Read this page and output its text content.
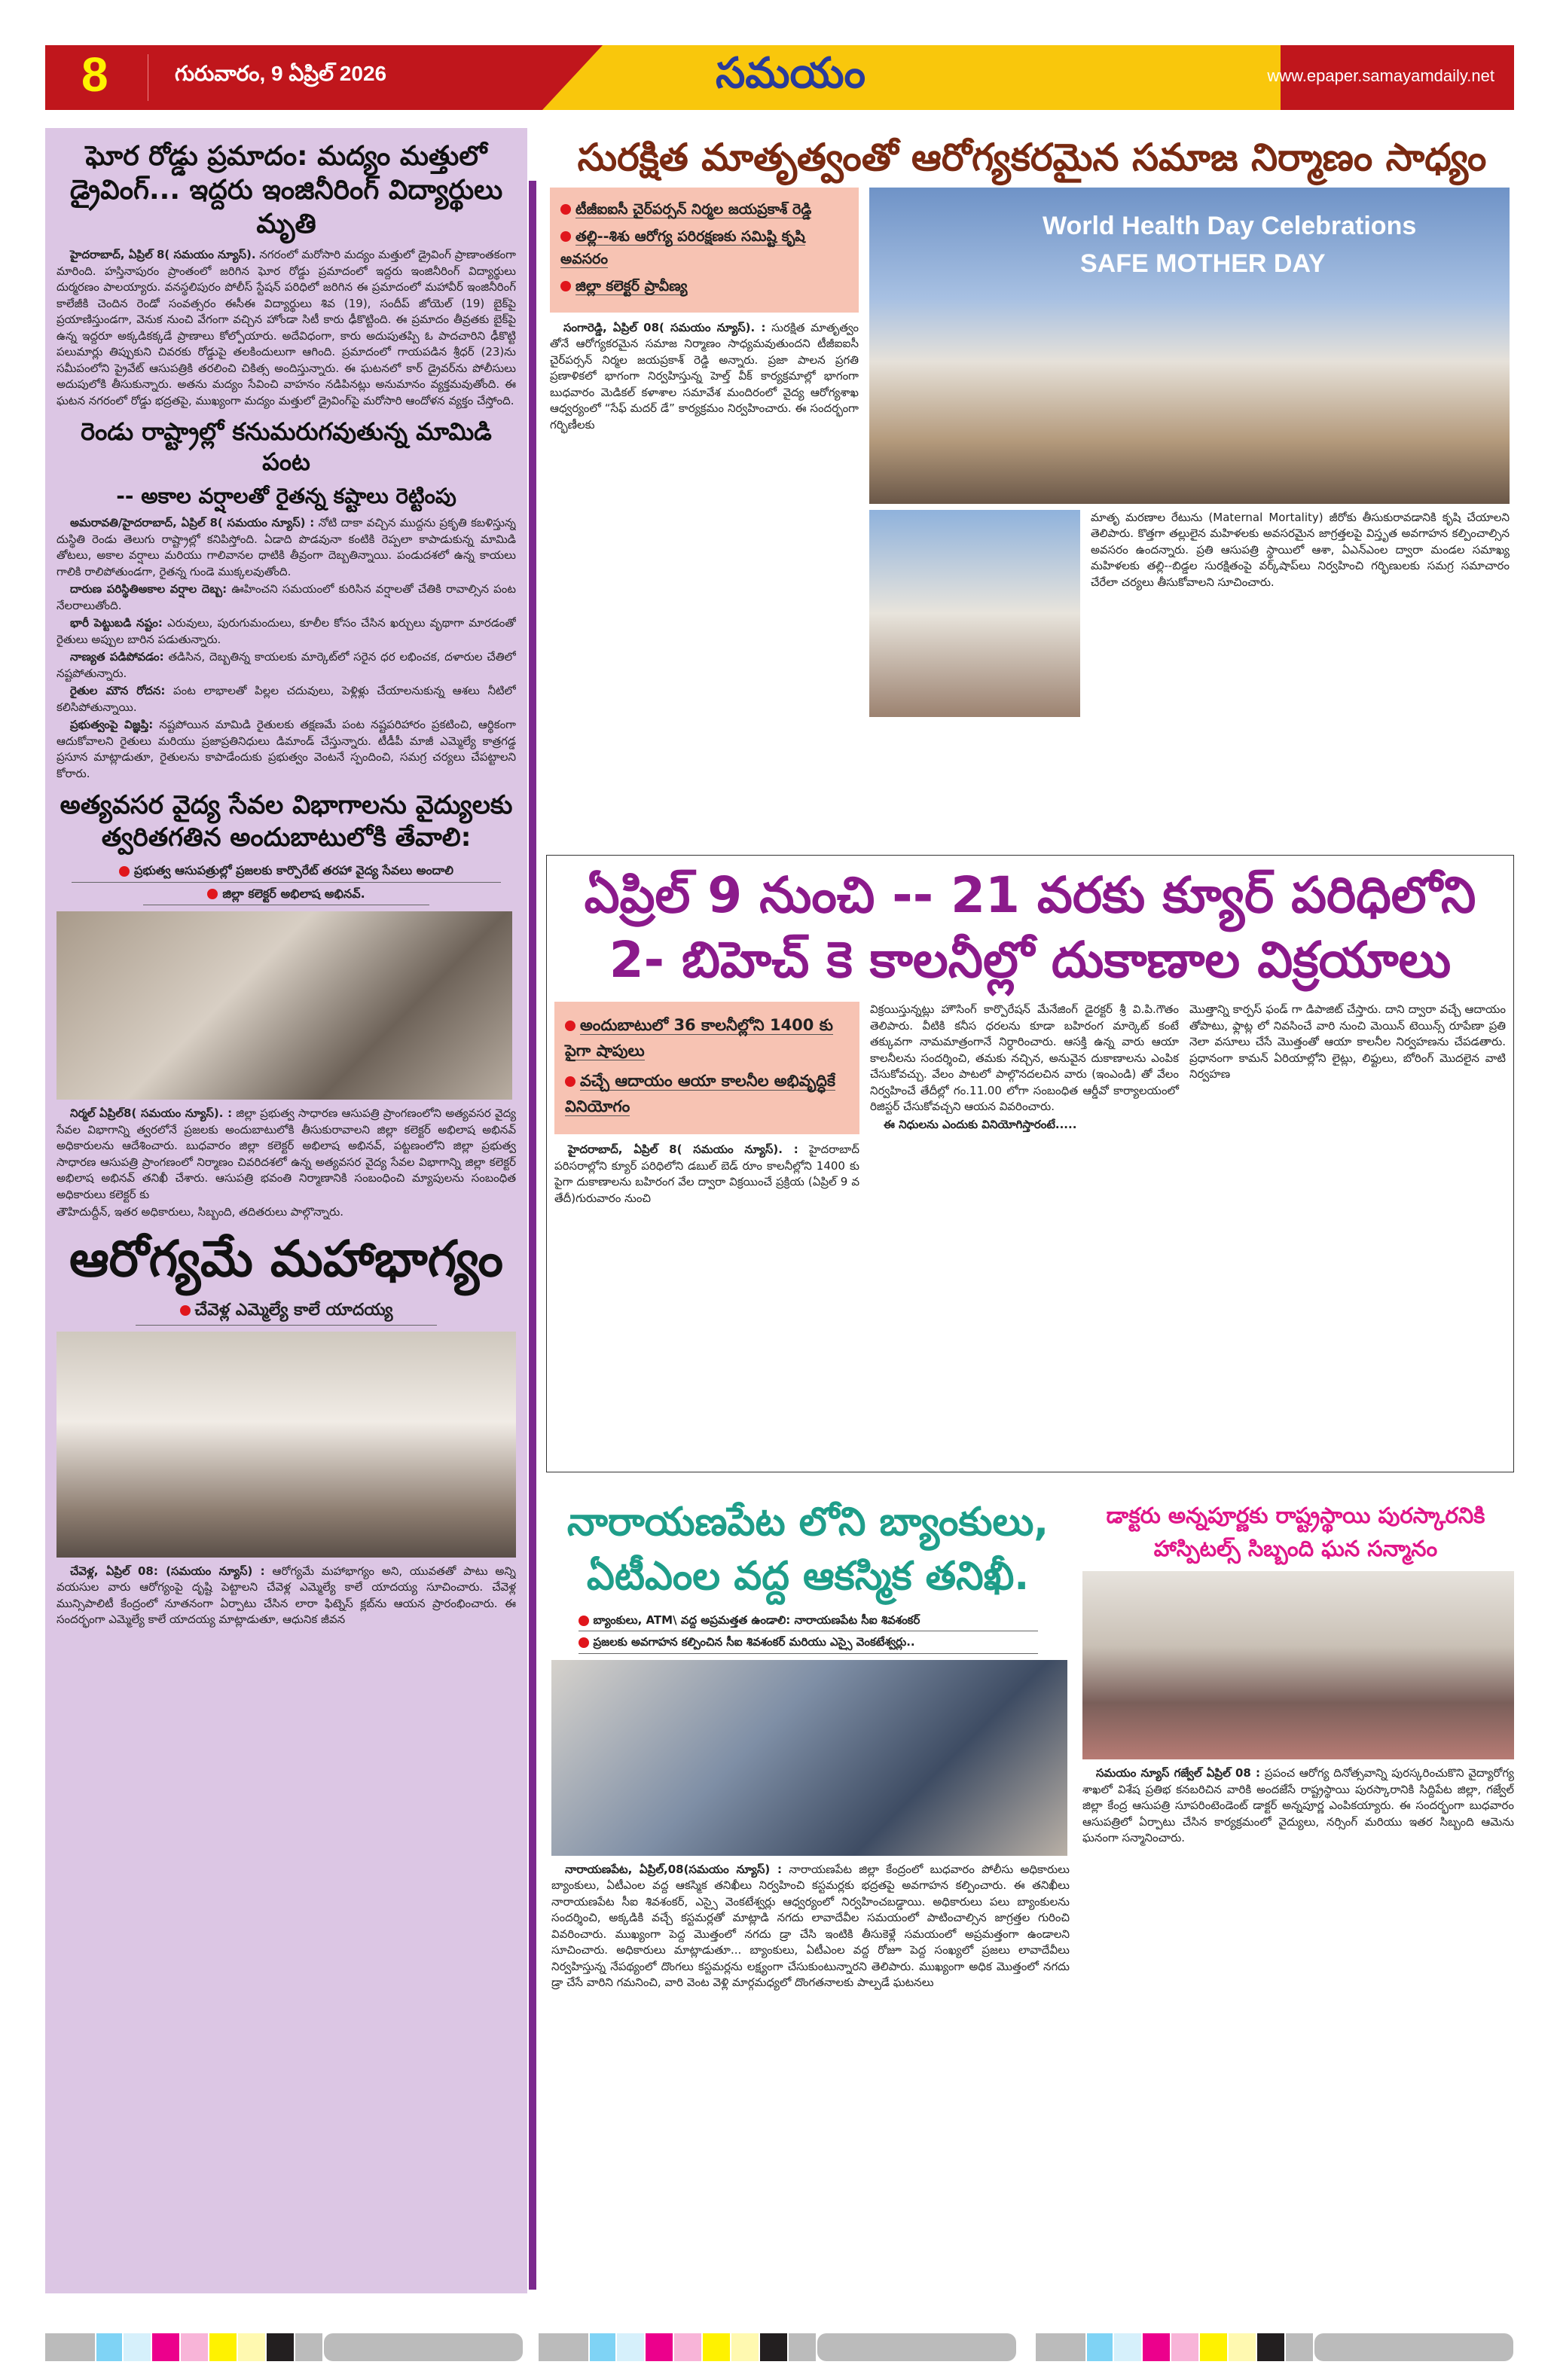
8	గురువారం, 9 ఏప్రిల్ 2026	సమయం	www.epaper.samayamdaily.net
ఘోర రోడ్డు ప్రమాదం: మద్యం మత్తులో డ్రైవింగ్... ఇద్దరు ఇంజినీరింగ్ విద్యార్థులు మృతి

హైదరాబాద్, ఏప్రిల్ 8( సమయం న్యూస్). నగరంలో మరోసారి మద్యం మత్తులో డ్రైవింగ్ ప్రాణాంతకంగా మారింది. హస్తినాపురం ప్రాంతంలో జరిగిన ఘోర రోడ్డు ప్రమాదంలో ఇద్దరు ఇంజినీరింగ్ విద్యార్థులు దుర్మరణం పాలయ్యారు. వనస్థలిపురం పోలీస్ స్టేషన్ పరిధిలో జరిగిన ఈ ప్రమాదంలో మహావీర్ ఇంజినీరింగ్ కాలేజీకి చెందిన రెండో సంవత్సరం ఈసీఈ విద్యార్థులు శివ (19), సందీప్ జోయెల్ (19) బైక్‌పై ప్రయాణిస్తుండగా, వెనుక నుంచి వేగంగా వచ్చిన హోండా సిటీ కారు ఢీకొట్టింది. ఈ ప్రమాదం తీవ్రతకు బైక్‌పై ఉన్న ఇద్దరూ అక్కడికక్కడే ప్రాణాలు కోల్పోయారు. అదేవిధంగా, కారు అదుపుతప్పి ఓ పాదచారిని ఢీకొట్టి పలుమార్లు తిప్పుకుని చివరకు రోడ్డుపై తలకిందులుగా ఆగింది. ప్రమాదంలో గాయపడిన శ్రీధర్ (23)ను సమీపంలోని ప్రైవేట్ ఆసుపత్రికి తరలించి చికిత్స అందిస్తున్నారు. ఈ ఘటనలో కార్ డ్రైవర్‌ను పోలీసులు అదుపులోకి తీసుకున్నారు. అతను మద్యం సేవించి వాహనం నడిపినట్లు అనుమానం వ్యక్తమవుతోంది. ఈ ఘటన నగరంలో రోడ్డు భద్రతపై, ముఖ్యంగా మద్యం మత్తులో డ్రైవింగ్‌పై మరోసారి ఆందోళన వ్యక్తం చేస్తోంది.

రెండు రాష్ట్రాల్లో కనుమరుగవుతున్న మామిడి పంట
-- అకాల వర్షాలతో రైతన్న కష్టాలు రెట్టింపు

అమరావతి/హైదరాబాద్, ఏప్రిల్ 8( సమయం న్యూస్) : నోటి దాకా వచ్చిన ముద్దను ప్రకృతి కబళిస్తున్న దుస్థితి రెండు తెలుగు రాష్ట్రాల్లో కనిపిస్తోంది. ఏడాది పొడవునా కంటికి రెప్పలా కాపాడుకున్న మామిడి తోటలు, అకాల వర్షాలు మరియు గాలివానల ధాటికి తీవ్రంగా దెబ్బతిన్నాయి. పండుదశలో ఉన్న కాయలు గాలికి రాలిపోతుండగా, రైతన్న గుండె ముక్కలవుతోంది.

దారుణ పరిస్థితిఅకాల వర్షాల దెబ్బ: ఊహించని సమయంలో కురిసిన వర్షాలతో చేతికి రావాల్సిన పంట నేలరాలుతోంది.

భారీ పెట్టుబడి నష్టం: ఎరువులు, పురుగుమందులు, కూలీల కోసం చేసిన ఖర్చులు వృథాగా మారడంతో రైతులు అప్పుల బారిన పడుతున్నారు.

నాణ్యత పడిపోవడం: తడిసిన, దెబ్బతిన్న కాయలకు మార్కెట్‌లో సరైన ధర లభించక, దళారుల చేతిలో నష్టపోతున్నారు.

రైతుల మౌన రోదన: పంట లాభాలతో పిల్లల చదువులు, పెళ్లిళ్లు చేయాలనుకున్న ఆశలు నీటిలో కలిసిపోతున్నాయి.

ప్రభుత్వంపై విజ్ఞప్తి: నష్టపోయిన మామిడి రైతులకు తక్షణమే పంట నష్టపరిహారం ప్రకటించి, ఆర్థికంగా ఆదుకోవాలని రైతులు మరియు ప్రజాప్రతినిధులు డిమాండ్ చేస్తున్నారు. టీడీపీ మాజీ ఎమ్మెల్యే కాత్రగడ్డ ప్రసూన మాట్లాడుతూ, రైతులను కాపాడేందుకు ప్రభుత్వం వెంటనే స్పందించి, సమగ్ర చర్యలు చేపట్టాలని కోరారు.

అత్యవసర వైద్య సేవల విభాగాలను వైద్యులకు త్వరితగతిన అందుబాటులోకి తేవాలి:
ప్రభుత్వ ఆసుపత్రుల్లో ప్రజలకు కార్పొరేట్ తరహా వైద్య సేవలు అందాలి
జిల్లా కలెక్టర్ అభిలాష అభినవ్.

నిర్మల్ ఏప్రిల్8( సమయం న్యూస్). : జిల్లా ప్రభుత్వ సాధారణ ఆసుపత్రి ప్రాంగణంలోని అత్యవసర వైద్య సేవల విభాగాన్ని త్వరలోనే ప్రజలకు అందుబాటులోకి తీసుకురావాలని జిల్లా కలెక్టర్ అభిలాష అభినవ్ అధికారులను ఆదేశించారు. బుధవారం జిల్లా కలెక్టర్ అభిలాష అభినవ్, పట్టణంలోని జిల్లా ప్రభుత్వ సాధారణ ఆసుపత్రి ప్రాంగణంలో నిర్మాణం చివరిదశలో ఉన్న అత్యవసర వైద్య సేవల విభాగాన్ని జిల్లా కలెక్టర్ అభిలాష అభినవ్ తనిఖీ చేశారు. ఆసుపత్రి భవంతి నిర్మాణానికి సంబంధించి మ్యాపులను సంబంధిత అధికారులు కలెక్టర్ కు

తౌహిదుద్దీన్, ఇతర అధికారులు, సిబ్బంది, తదితరులు పాల్గొన్నారు.

ఆరోగ్యమే మహాభాగ్యం
చేవెళ్ల ఎమ్మెల్యే కాలే యాదయ్య

చేవెళ్ల, ఏప్రిల్ 08: (సమయం న్యూస్) : ఆరోగ్యమే మహాభాగ్యం అని, యువతతో పాటు అన్ని వయసుల వారు ఆరోగ్యంపై దృష్టి పెట్టాలని చేవెళ్ల ఎమ్మెల్యే కాలే యాదయ్య సూచించారు. చేవెళ్ల మున్సిపాలిటీ కేంద్రంలో నూతనంగా ఏర్పాటు చేసిన లారా ఫిట్నెస్ క్లబ్‌ను ఆయన ప్రారంభించారు. ఈ సందర్భంగా ఎమ్మెల్యే కాలే యాదయ్య మాట్లాడుతూ, ఆధునిక జీవన

సురక్షిత మాతృత్వంతో ఆరోగ్యకరమైన సమాజ నిర్మాణం సాధ్యం
టీజీఐఐసీ చైర్‌పర్సన్ నిర్మల జయప్రకాశ్ రెడ్డి
తల్లి--శిశు ఆరోగ్య పరిరక్షణకు సమిష్టి కృషి అవసరం
జిల్లా కలెక్టర్ ప్రావీణ్య

సంగారెడ్డి, ఏప్రిల్ 08( సమయం న్యూస్). : సురక్షిత మాతృత్వం తోనే ఆరోగ్యకరమైన సమాజ నిర్మాణం సాధ్యమవుతుందని టీజీఐఐసీ చైర్‌పర్సన్ నిర్మల జయప్రకాశ్ రెడ్డి అన్నారు. ప్రజా పాలన ప్రగతి ప్రణాళికలో భాగంగా నిర్వహిస్తున్న హెల్త్ వీక్ కార్యక్రమాల్లో భాగంగా బుధవారం మెడికల్ కళాశాల సమావేశ మందిరంలో వైద్య ఆరోగ్యశాఖ ఆధ్వర్యంలో “సేఫ్ మదర్ డే” కార్యక్రమం నిర్వహించారు. ఈ సందర్భంగా గర్భిణీలకు

World Health Day Celebrations
SAFE MOTHER DAY
మాతృ మరణాల రేటును (Maternal Mortality) జీరోకు తీసుకురావడానికి కృషి చేయాలని తెలిపారు. కొత్తగా తల్లులైన మహిళలకు అవసరమైన జాగ్రత్తలపై విస్తృత అవగాహన కల్పించాల్సిన అవసరం ఉందన్నారు. ప్రతి ఆసుపత్రి స్థాయిలో ఆశా, ఏఎన్ఎంల ద్వారా మండల సమాఖ్య మహిళలకు తల్లి--బిడ్డల సురక్షితంపై వర్క్‌షాప్‌లు నిర్వహించి గర్భిణులకు సమగ్ర సమాచారం చేరేలా చర్యలు తీసుకోవాలని సూచించారు.
ఏప్రిల్ 9 నుంచి -- 21 వరకు క్యూర్ పరిధిలోని 2- బిహెచ్ కె కాలనీల్లో దుకాణాల విక్రయాలు
అందుబాటులో 36 కాలనీల్లోని 1400 కు పైగా షాపులు
వచ్చే ఆదాయం ఆయా కాలనీల అభివృద్ధికే వినియోగం

హైదరాబాద్, ఏప్రిల్ 8( సమయం న్యూస్). : హైదరాబాద్ పరిసరాల్లోని క్యూర్ పరిధిలోని డబుల్ బెడ్ రూం కాలనీల్లోని 1400 కు పైగా దుకాణాలను బహిరంగ వేల ద్వారా విక్రయించే ప్రక్రియ (ఏప్రిల్ 9 వ తేదీ)గురువారం నుంచి

విక్రయిస్తున్నట్లు హౌసింగ్ కార్పొరేషన్ మేనేజింగ్ డైరక్టర్ శ్రీ వి.పి.గౌతం తెలిపారు. వీటికి కనీస ధరలను కూడా బహిరంగ మార్కెట్ కంటే తక్కువగా నామమాత్రంగానే నిర్ధారించారు. ఆసక్తి ఉన్న వారు ఆయా కాలనీలను సందర్శించి, తమకు నచ్చిన, అనువైన దుకాణాలను ఎంపిక చేసుకోవచ్చు. వేలం పాటలో పాల్గొనదలచిన వారు (ఇంఎండి) తో వేలం నిర్వహించే తేదీల్లో గం.11.00 లోగా సంబంధిత ఆర్డీవో కార్యాలయంలో రిజిస్టర్ చేసుకోవచ్చని ఆయన వివరించారు.

ఈ నిధులను ఎందుకు వినియోగిస్తారంటే.....

మొత్తాన్ని కార్పస్ ఫండ్ గా డిపాజిట్ చేస్తారు. దాని ద్వారా వచ్చే ఆదాయం తోపాటు, ఫ్లాట్ల లో నివసించే వారి నుంచి మెయిన్ టెయిన్స్ రూపేణా ప్రతి నెలా వసూలు చేసే మొత్తంతో ఆయా కాలనీల నిర్వహణను చేపడతారు. ప్రధానంగా కామన్ ఏరియాల్లోని లైట్లు, లిఫ్టులు, బోరింగ్ మొదలైన వాటి నిర్వహణ
నారాయణపేట లోని బ్యాంకులు, ఏటీఎంల వద్ద ఆకస్మిక తనిఖీ.
బ్యాంకులు, ATM\ వద్ద అప్రమత్తత ఉండాలి: నారాయణపేట సీఐ శివశంకర్
ప్రజలకు అవగాహన కల్పించిన సీఐ శివశంకర్ మరియు ఎస్సై వెంకటేశ్వర్లు..

నారాయణపేట, ఏప్రిల్,08(సమయం న్యూస్) : నారాయణపేట జిల్లా కేంద్రంలో బుధవారం పోలీసు అధికారులు బ్యాంకులు, ఏటీఎంల వద్ద ఆకస్మిక తనిఖీలు నిర్వహించి కస్టమర్లకు భద్రతపై అవగాహన కల్పించారు. ఈ తనిఖీలు నారాయణపేట సీఐ శివశంకర్, ఎస్సై వెంకటేశ్వర్లు ఆధ్వర్యంలో నిర్వహించబడ్డాయి. అధికారులు పలు బ్యాంకులను సందర్శించి, అక్కడికి వచ్చే కస్టమర్లతో మాట్లాడి నగదు లావాదేవీల సమయంలో పాటించాల్సిన జాగ్రత్తల గురించి వివరించారు. ముఖ్యంగా పెద్ద మొత్తంలో నగదు డ్రా చేసి ఇంటికి తీసుకెళ్లే సమయంలో అప్రమత్తంగా ఉండాలని సూచించారు. అధికారులు మాట్లాడుతూ... బ్యాంకులు, ఏటీఎంల వద్ద రోజూ పెద్ద సంఖ్యలో ప్రజలు లావాదేవీలు నిర్వహిస్తున్న నేపథ్యంలో దొంగలు కస్టమర్లను లక్ష్యంగా చేసుకుంటున్నారని తెలిపారు. ముఖ్యంగా అధిక మొత్తంలో నగదు డ్రా చేసే వారిని గమనించి, వారి వెంట వెళ్లి మార్గమధ్యలో దొంగతనాలకు పాల్పడే ఘటనలు

డాక్టరు అన్నపూర్ణకు రాష్ట్రస్థాయి పురస్కారనికి హాస్పిటల్స్ సిబ్బంది ఘన సన్మానం

సమయం న్యూస్ గజ్వేల్ ఏప్రిల్ 08 : ప్రపంచ ఆరోగ్య దినోత్సవాన్ని పురస్కరించుకొని వైద్యారోగ్య శాఖలో విశేష ప్రతిభ కనబరిచిన వారికి అందజేసే రాష్ట్రస్థాయి పురస్కారానికి సిద్దిపేట జిల్లా, గజ్వేల్ జిల్లా కేంద్ర ఆసుపత్రి సూపరింటెండెంట్ డాక్టర్ అన్నపూర్ణ ఎంపికయ్యారు. ఈ సందర్భంగా బుధవారం ఆసుపత్రిలో ఏర్పాటు చేసిన కార్యక్రమంలో వైద్యులు, నర్సింగ్ మరియు ఇతర సిబ్బంది ఆమెను ఘనంగా సన్మానించారు.
